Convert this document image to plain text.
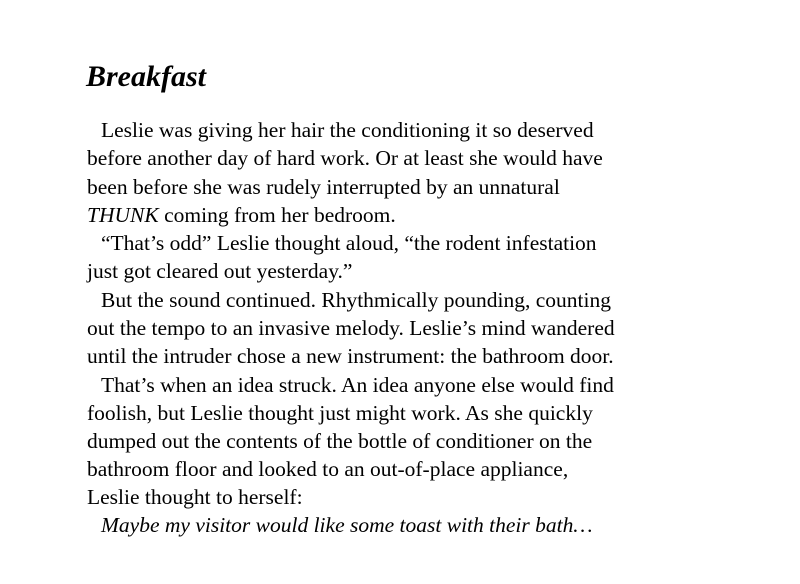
Breakfast

Leslie was giving her hair the conditioning it so deserved

before another day of hard work. Or at least she would have

been before she was rudely interrupted by an unnatural

THUNK coming from her bedroom.

“That’s odd” Leslie thought aloud, “the rodent infestation

just got cleared out yesterday.”

But the sound continued. Rhythmically pounding, counting

out the tempo to an invasive melody. Leslie’s mind wandered

until the intruder chose a new instrument: the bathroom door.

That’s when an idea struck. An idea anyone else would find

foolish, but Leslie thought just might work. As she quickly

dumped out the contents of the bottle of conditioner on the

bathroom floor and looked to an out-of-place appliance,

Leslie thought to herself:

Maybe my visitor would like some toast with their bath…
